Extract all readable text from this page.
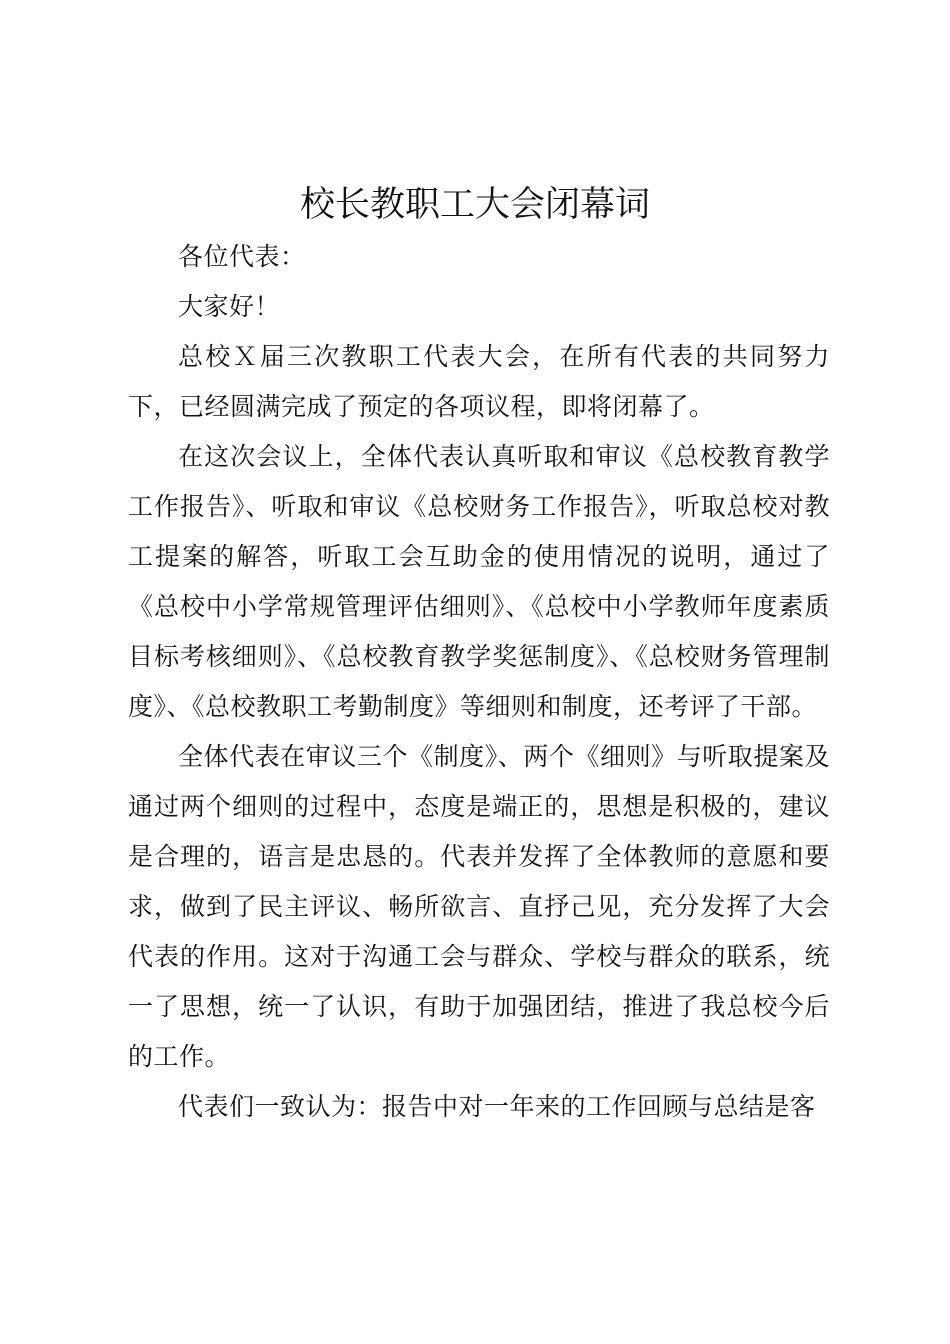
校长教职工大会闭幕词

各位代表：

大家好！

总校Ｘ届三次教职工代表大会，在所有代表的共同努力下，已经圆满完成了预定的各项议程，即将闭幕了。

在这次会议上，全体代表认真听取和审议《总校教育教学工作报告》、听取和审议《总校财务工作报告》，听取总校对教工提案的解答，听取工会互助金的使用情况的说明，通过了《总校中小学常规管理评估细则》、《总校中小学教师年度素质目标考核细则》、《总校教育教学奖惩制度》、《总校财务管理制度》、《总校教职工考勤制度》等细则和制度，还考评了干部。

全体代表在审议三个《制度》、两个《细则》与听取提案及通过两个细则的过程中，态度是端正的，思想是积极的，建议是合理的，语言是忠恳的。代表并发挥了全体教师的意愿和要求，做到了民主评议、畅所欲言、直抒己见，充分发挥了大会代表的作用。这对于沟通工会与群众、学校与群众的联系，统一了思想，统一了认识，有助于加强团结，推进了我总校今后的工作。

代表们一致认为：报告中对一年来的工作回顾与总结是客
